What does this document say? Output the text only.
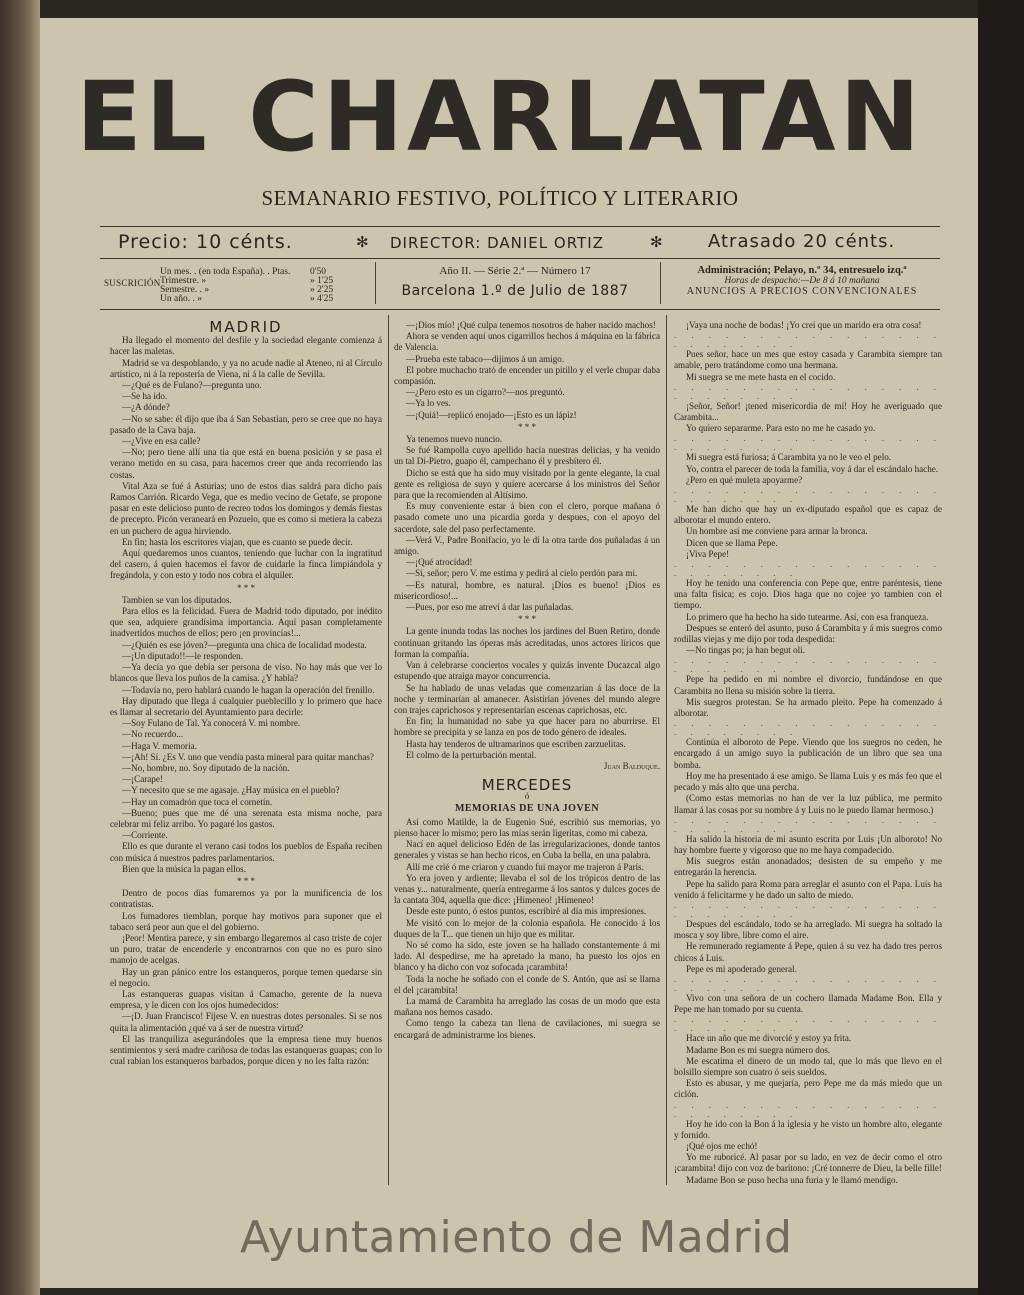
EL CHARLATAN
SEMANARIO FESTIVO, POLÍTICO Y LITERARIO
Precio: 10 cénts.	✻ DIRECTOR: DANIEL ORTIZ	✻	Atrasado 20 cénts.
SUSCRICIÓN
Un mes. . (en toda España). . Ptas. 0'50
Trimestre. »	» 1'25
Semestre. . »	» 2'25
Un año. . »	» 4'25
Año II. — Série 2.ª — Número 17
Barcelona 1.º de Julio de 1887
Administración; Pelayo, n.º 34, entresuelo izq.ª
Horas de despacho:—De 8 á 10 mañana
ANUNCIOS A PRECIOS CONVENCIONALES

MADRID

Ha llegado el momento del desfile y la sociedad elegante comienza á hacer las maletas.

Madrid se va despoblando, y ya no acude nadie al Ateneo, ni al Círculo artístico, ni á la repostería de Viena, ni á la calle de Sevilla.

—¿Qué es de Fulano?—pregunta uno.

—Se ha ido.

—¿A dónde?

—No se sabe: él dijo que iba á San Sebastian, pero se cree que no haya pasado de la Cava baja.

—¿Vive en esa calle?

—No; pero tiene allí una tia que está en buena posición y se pasa el verano metido en su casa, para hacernos creer que anda recorriendo las costas.

Vital Aza se fué á Asturias; uno de estos dias saldrá para dicho país Ramos Carrión. Ricardo Vega, que es medio vecino de Getafe, se propone pasar en este delicioso punto de recreo todos los domingos y demás fiestas de precepto. Picón veraneará en Pozuelo, que es como si metiera la cabeza en un puchero de agua hirviendo.

En fin; hasta los escritores viajan, que es cuanto se puede decir.

Aquí quedaremos unos cuantos, teniendo que luchar con la ingratitud del casero, á quien hacemos el favor de cuidarle la finca limpiándola y fregándola, y con esto y todo nos cobra el alquiler.

* * *

Tambien se van los diputados.

Para ellos es la felicidad. Fuera de Madrid todo diputado, por inédito que sea, adquiere grandísima importancia. Aquí pasan completamente inadvertidos muchos de ellos; pero ¡en provincias!...

—¿Quién es ese jóven?—pregunta una chica de localidad modesta.

—¡Un diputado!!—le responden.

—Ya decía yo que debía ser persona de viso. No hay más que ver lo blancos que lleva los puños de la camisa. ¿Y habla?

—Todavía no, pero hablará cuando le hagan la operación del frenillo.

Hay diputado que llega á cualquier pueblecillo y lo primero que hace es llamar al secretario del Ayuntamiento para decirle:

—Soy Fulano de Tal. Ya conocerá V. mi nombre.

—No recuerdo...

—Haga V. memoria.

—¡Ah! Sí. ¿Es V. uno que vendía pasta mineral para quitar manchas?

—No, hombre, no. Soy diputado de la nación.

—¡Carape!

—Y necesito que se me agasaje. ¿Hay música en el pueblo?

—Hay un comadrón que toca el cornetín.

—Bueno; pues que me dé una serenata esta misma noche, para celebrar mi feliz arribo. Yo pagaré los gastos.

—Corriente.

Ello es que durante el verano casi todos los pueblos de España reciben con música á nuestros padres parlamentarios.

Bien que la música la pagan ellos.

* * *

Dentro de pocos días fumaremos ya por la munificencia de los contratistas.

Los fumadores tiemblan, porque hay motivos para suponer que el tabaco será peor aun que el del gobierno.

¡Peor! Mentira parece, y sin embargo llegaremos al caso triste de cojer un puro, tratar de encenderle y encontrarnos con que no es puro sino manojo de acelgas.

Hay un gran pánico entre los estanqueros, porque temen quedarse sin el negocio.

Las estanqueras guapas visitan á Camacho, gerente de la nueva empresa, y le dicen con los ojos humedecidos:

—¡D. Juan Francisco! Fíjese V. en nuestras dotes personales. Si se nos quita la alimentación ¿qué va á ser de nuestra virtud?

El las tranquiliza asegurándoles que la empresa tiene muy buenos sentimientos y será madre cariñosa de todas las estanqueras guapas; con lo cual rabian los estanqueros barbados, porque dicen y no les falta razón:

—¡Dios mío! ¡Qué culpa tenemos nosotros de haber nacido machos!

Ahora se venden aquí unos cigarrillos hechos á máquina en la fábrica de Valencia.

—Prueba este tabaco—dijimos á un amigo.

El pobre muchacho trató de encender un pitillo y el verle chupar daba compasión.

—¿Pero esto es un cigarro?—nos preguntó.

—Ya lo ves.

—¡Quiá!—replicó enojado—¡Esto es un lápiz!

* * *

Ya tenemos nuevo nuncio.

Se fué Rampolla cuyo apellido hacía nuestras delicias, y ha venido un tal Di-Pietro, guapo él, campechano él y presbítero él.

Dicho se está que ha sido muy visitado por la gente elegante, la cual gente es religiosa de suyo y quiere acercarse á los ministros del Señor para que la recomienden al Altísimo.

Es muy conveniente estar á bien con el clero, porque mañana ó pasado comete uno una picardía gorda y despues, con el apoyo del sacerdote, sale del paso perfectamente.

—Verá V., Padre Bonifacio, yo le dí la otra tarde dos puñaladas á un amigo.

—¡Qué atrocidad!

—Sí, señor; pero V. me estima y pedirá al cielo perdón para mí.

—Es natural, hombre, es natural. ¡Dios es bueno! ¡Dios es misericordioso!...

—Pues, por eso me atreví á dar las puñaladas.

* * *

La gente inunda todas las noches los jardines del Buen Retiro, donde continuan gritando las óperas más acreditadas, unos actores líricos que forman la compañía.

Van á celebrarse conciertos vocales y quizás invente Ducazcal algo estupendo que atraiga mayor concurrencia.

Se ha hablado de unas veladas que comenzarían á las doce de la noche y terminarían al amanecer. Asistirían jóvenes del mundo alegre con trajes caprichosos y representarían escenas caprichosas, etc.

En fin; la humanidad no sabe ya que hacer para no aburrirse. El hombre se precipita y se lanza en pos de todo género de ideales.

Hasta hay tenderos de ultramarinos que escriben zarzuelitas.

El colmo de la perturbación mental.

Juan Balduque.

MERCEDES

ó

MEMORIAS DE UNA JOVEN

Así como Matilde, la de Eugenio Sué, escribió sus memorias, yo pienso hacer lo mismo; pero las mías serán ligeritas, como mi cabeza.

Nací en aquel delicioso Edén de las irregularizaciones, donde tantos generales y vistas se han hecho ricos, en Cuba la bella, en una palabra.

Allí me crié ó me criaron y cuando fui mayor me trajeron á París.

Yo era joven y ardiente; llevaba el sol de los trópicos dentro de las venas y... naturalmente, quería entregarme á los santos y dulces goces de la cantata 304, aquella que dice: ¡Himeneo! ¡Himeneo!

Desde este punto, ó estos puntos, escribiré al día mis impresiones.

Me visitó con lo mejor de la colonia española. He conocido á los duques de la T... que tienen un hijo que es militar.

No sé como ha sido, este joven se ha hallado constantemente á mi lado. Al despedirse, me ha apretado la mano, ha puesto los ojos en blanco y ha dicho con voz sofocada ¡carambita!

Toda la noche he soñado con el conde de S. Antón, que así se llama el del ¡carambita!

La mamá de Carambita ha arreglado las cosas de un modo que esta mañana nos hemos casado.

Como tengo la cabeza tan llena de cavilaciones, mi suegra se encargará de administrarme los bienes.

¡Vaya una noche de bodas! ¡Yo creí que un marido era otra cosa!

. . . . . . . . . . . . . . . . . . . . . . . .

Pues señor, hace un mes que estoy casada y Carambita siempre tan amable, pero tratándome como una hermana.

Mi suegra se me mete hasta en el cocido.

. . . . . . . . . . . . . . . . . . . . . . . .

¡Señor, Señor! ¡tened misericordia de mí! Hoy he averiguado que Carambita...

Yo quiero separarme. Para esto no me he casado yo.

. . . . . . . . . . . . . . . . . . . . . . . .

Mi suegra está furiosa; á Carambita ya no le veo el pelo.

Yo, contra el parecer de toda la familia, voy á dar el escándalo hache.

¿Pero en qué muleta apoyarme?

. . . . . . . . . . . . . . . . . . . . . . . .

Me han dicho que hay un ex-diputado español que es capaz de alborotar el mundo entero.

Un hombre así me conviene para armar la bronca.

Dicen que se llama Pepe.

¡Viva Pepe!

. . . . . . . . . . . . . . . . . . . . . . . .

Hoy he tenido una conferencia con Pepe que, entre paréntesis, tiene una falta física; es cojo. Dios haga que no cojee yo tambien con el tiempo.

Lo primero que ha hecho ha sido tutearme. Así, con esa franqueza.

Despues se enteró del asunto, puso á Carambita y á mis suegros como rodillas viejas y me dijo por toda despedida:

—No tingas po; ja han begut oli.

. . . . . . . . . . . . . . . . . . . . . . . .

Pepe ha pedido en mi nombre el divorcio, fundándose en que Carambita no llena su misión sobre la tierra.

Mis suegros protestan. Se ha armado pleito. Pepe ha comenzado á alborotar.

. . . . . . . . . . . . . . . . . . . . . . . .

Continúa el alboroto de Pepe. Viendo que los suegros no ceden, he encargado á un amigo suyo la publicación de un libro que sea una bomba.

Hoy me ha presentado á ese amigo. Se llama Luis y es más feo que el pecado y más alto que una percha.

(Como estas memorias no han de ver la luz pública, me permito llamar á las cosas por su nombre á y Luis no le puedo llamar hermoso.)

. . . . . . . . . . . . . . . . . . . . . . . .

Ha salido la historia de mi asunto escrita por Luis ¡Un alboroto! No hay hombre fuerte y vigoroso que no me haya compadecido.

Mis suegros están anonadados; desisten de su empeño y me entregarán la herencia.

Pepe ha salido para Roma para arreglar el asunto con el Papa. Luis ha venido á felicitarme y he dado un salto de miedo.

. . . . . . . . . . . . . . . . . . . . . . . .

Despues del escándalo, todo se ha arreglado. Mi suegra ha soltado la mosca y soy libre, libre como el aire.

He remunerado regiamente á Pepe, quien á su vez ha dado tres perros chicos á Luis.

Pepe es mi apoderado general.

. . . . . . . . . . . . . . . . . . . . . . . .

Vivo con una señora de un cochero llamada Madame Bon. Ella y Pepe me han tomado por su cuenta.

. . . . . . . . . . . . . . . . . . . . . . . .

Hace un año que me divorcié y estoy ya frita.

Madame Bon es mi suegra número dos.

Me escatima el dinero de un modo tal, que lo más que llevo en el bolsillo siempre son cuatro ó seis sueldos.

Esto es abusar, y me quejaría, pero Pepe me da más miedo que un ciclón.

. . . . . . . . . . . . . . . . . . . . . . . .

Hoy he ido con la Bon á la iglesia y he visto un hombre alto, elegante y fornido.

¡Qué ojos me echó!

Yo me ruboricé. Al pasar por su lado, en vez de decir como el otro ¡carambita! dijo con voz de barítono: ¡Cré tonnerre de Dieu, la belle fille!

Madame Bon se puso hecha una furia y le llamó mendigo.

Ayuntamiento de Madrid
